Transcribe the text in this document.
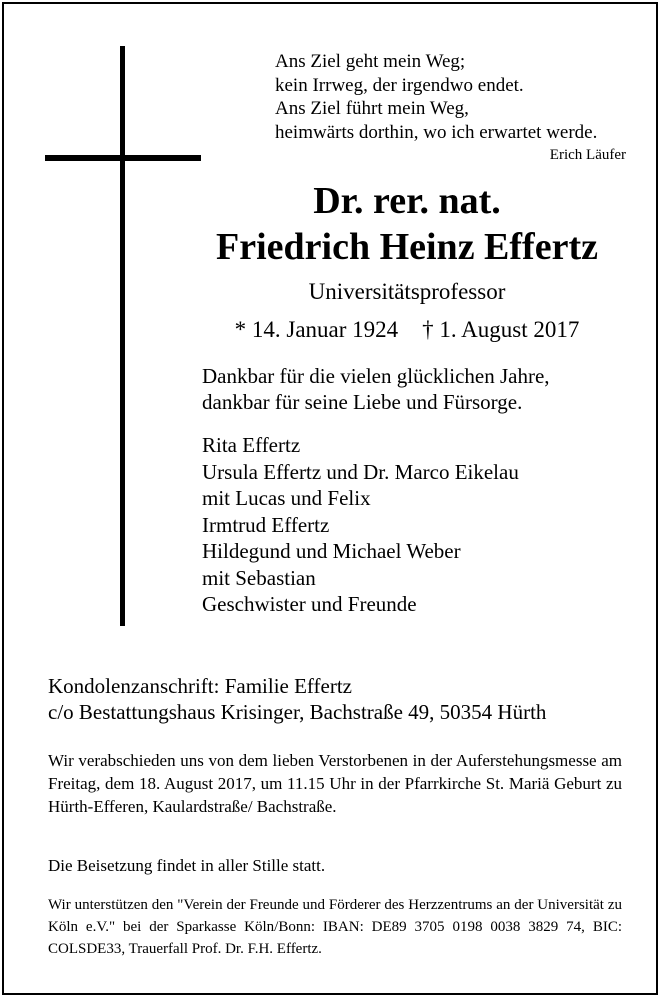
Ans Ziel geht mein Weg;
kein Irrweg, der irgendwo endet.
Ans Ziel führt mein Weg,
heimwärts dorthin, wo ich erwartet werde.
Erich Läufer
Dr. rer. nat.
Friedrich Heinz Effertz
Universitätsprofessor
* 14. Januar 1924 † 1. August 2017
Dankbar für die vielen glücklichen Jahre,
dankbar für seine Liebe und Fürsorge.
Rita Effertz
Ursula Effertz und Dr. Marco Eikelau
mit Lucas und Felix
Irmtrud Effertz
Hildegund und Michael Weber
mit Sebastian
Geschwister und Freunde
Kondolenzanschrift: Familie Effertz
c/o Bestattungshaus Krisinger, Bachstraße 49, 50354 Hürth
Wir verabschieden uns von dem lieben Verstorbenen in der Auferstehungsmesse am Freitag, dem 18. August 2017, um 11.15 Uhr in der Pfarrkirche St. Mariä Geburt zu Hürth-Efferen, Kaulardstraße/ Bachstraße.
Die Beisetzung findet in aller Stille statt.
Wir unterstützen den "Verein der Freunde und Förderer des Herzzentrums an der Universität zu Köln e.V." bei der Sparkasse Köln/Bonn: IBAN: DE89 3705 0198 0038 3829 74, BIC: COLSDE33, Trauerfall Prof. Dr. F.H. Effertz.
